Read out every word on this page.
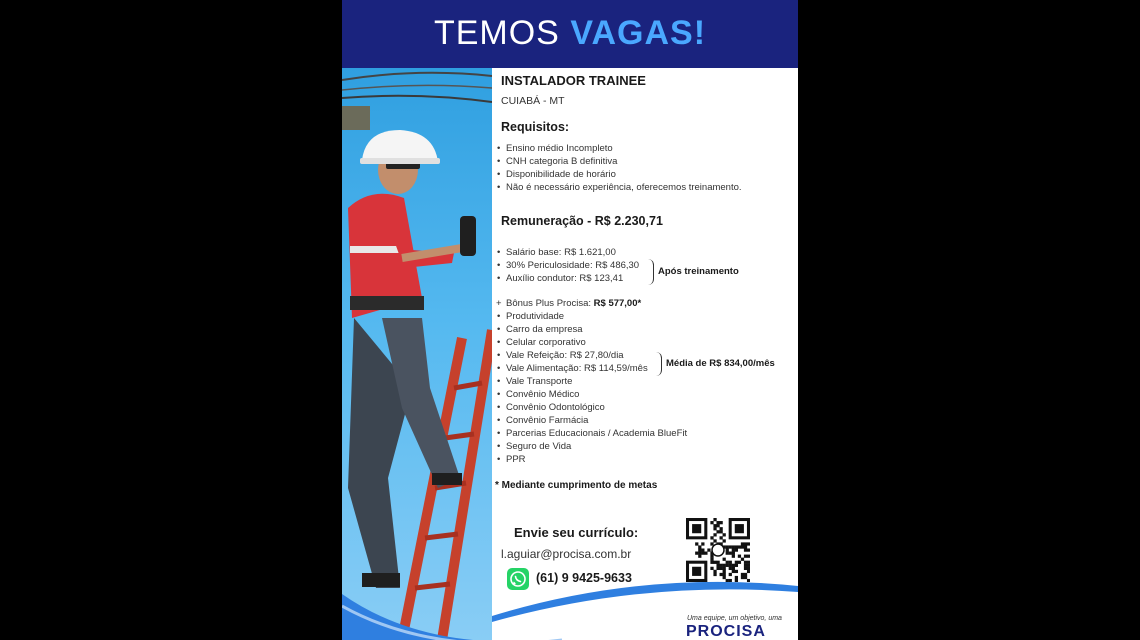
TEMOS VAGAS!
INSTALADOR TRAINEE
CUIABÁ - MT
Requisitos:
• Ensino médio Incompleto
• CNH categoria B definitiva
• Disponibilidade de horário
• Não é necessário experiência, oferecemos treinamento.
Remuneração - R$ 2.230,71
• Salário base: R$ 1.621,00
• 30% Periculosidade: R$ 486,30
• Auxílio condutor: R$ 123,41
Após treinamento
+ Bônus Plus Procisa: R$ 577,00*
• Produtividade
• Carro da empresa
• Celular corporativo
• Vale Refeição: R$ 27,80/dia
• Vale Alimentação: R$ 114,59/mês Média de R$ 834,00/mês
• Vale Transporte
• Convênio Médico
• Convênio Odontológico
• Convênio Farmácia
• Parcerias Educacionais / Academia BlueFit
• Seguro de Vida
• PPR
* Mediante cumprimento de metas
Envie seu currículo:
l.aguiar@procisa.com.br
(61) 9 9425-9633
Uma equipe, um objetivo, uma
PROCISA
